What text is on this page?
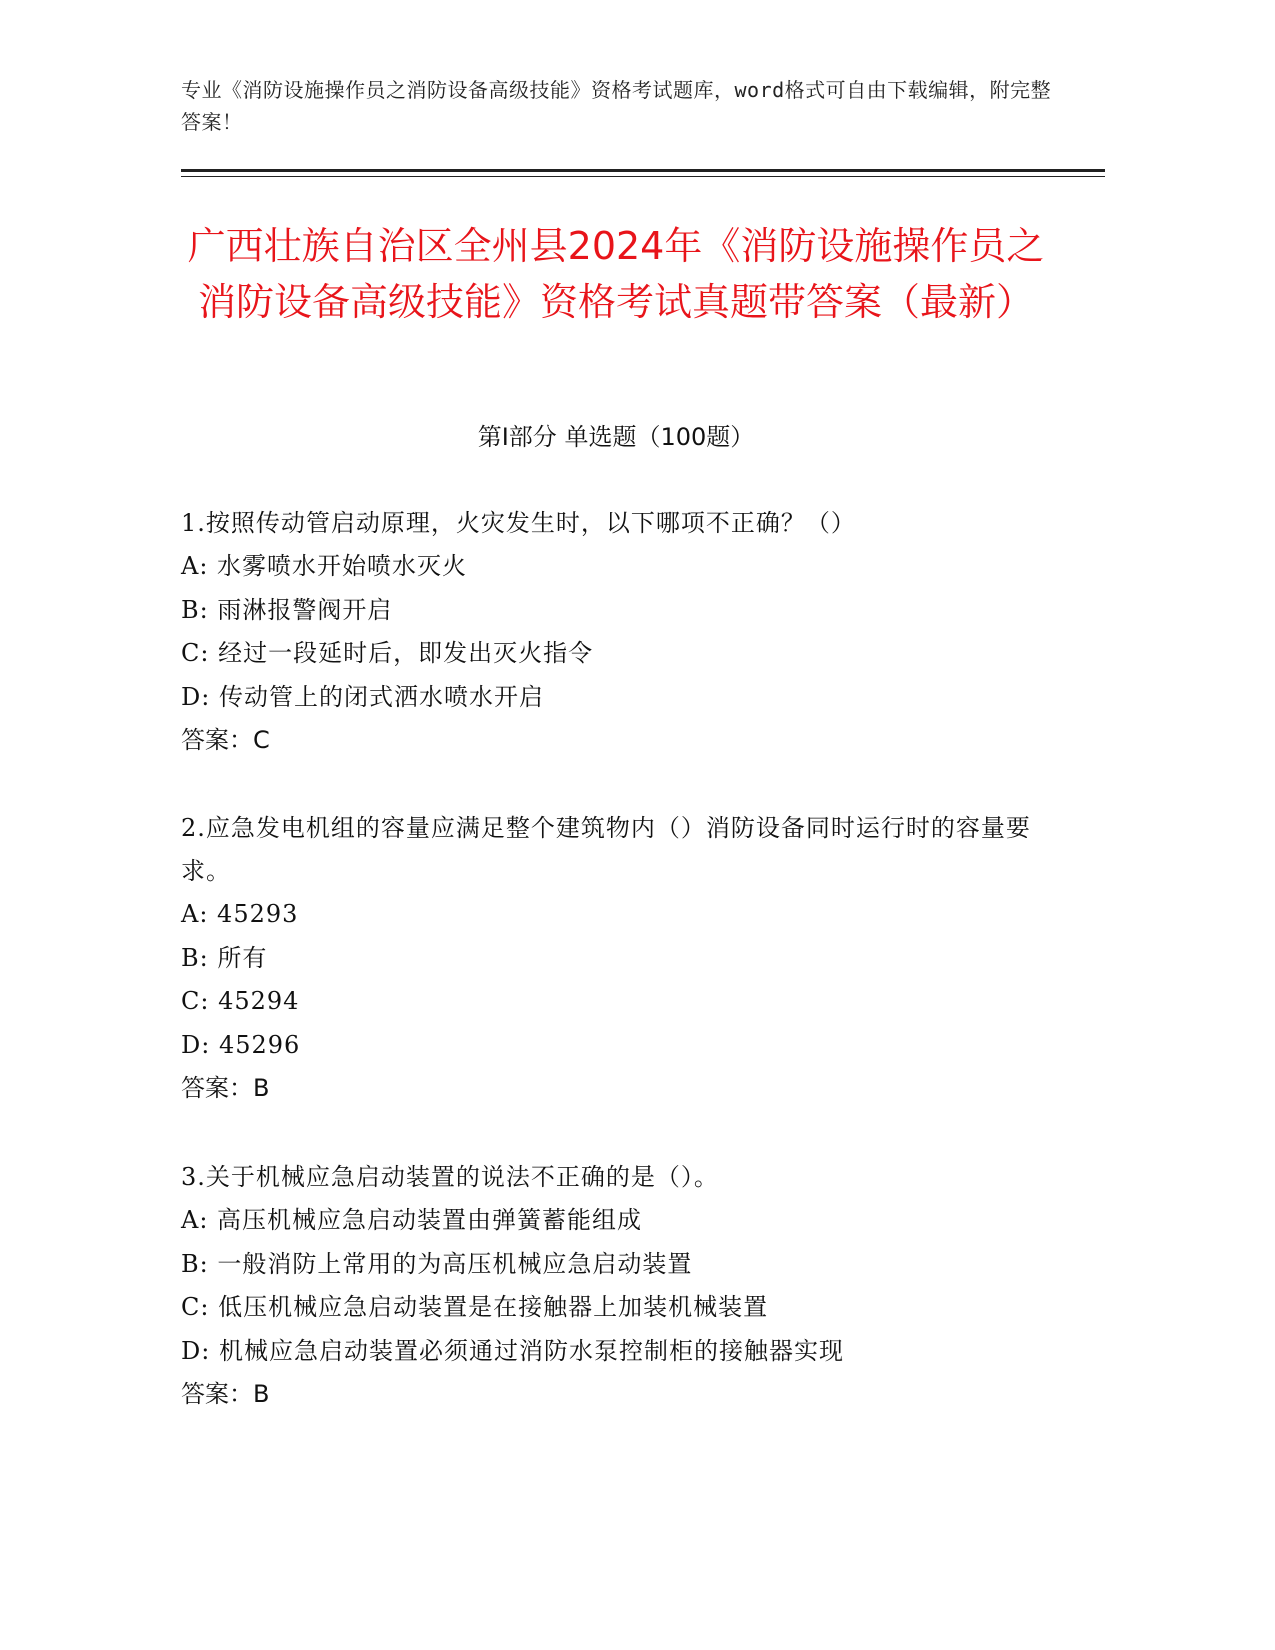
专业《消防设施操作员之消防设备高级技能》资格考试题库，word格式可自由下载编辑，附完整答案！
广西壮族自治区全州县2024年《消防设施操作员之消防设备高级技能》资格考试真题带答案（最新）
第Ⅰ部分 单选题（100题）
1.按照传动管启动原理，火灾发生时，以下哪项不正确？（）
A: 水雾喷水开始喷水灭火
B: 雨淋报警阀开启
C: 经过一段延时后，即发出灭火指令
D: 传动管上的闭式洒水喷水开启
答案：C
2.应急发电机组的容量应满足整个建筑物内（）消防设备同时运行时的容量要求。
A: 45293
B: 所有
C: 45294
D: 45296
答案：B
3.关于机械应急启动装置的说法不正确的是（）。
A: 高压机械应急启动装置由弹簧蓄能组成
B: 一般消防上常用的为高压机械应急启动装置
C: 低压机械应急启动装置是在接触器上加装机械装置
D: 机械应急启动装置必须通过消防水泵控制柜的接触器实现
答案：B
